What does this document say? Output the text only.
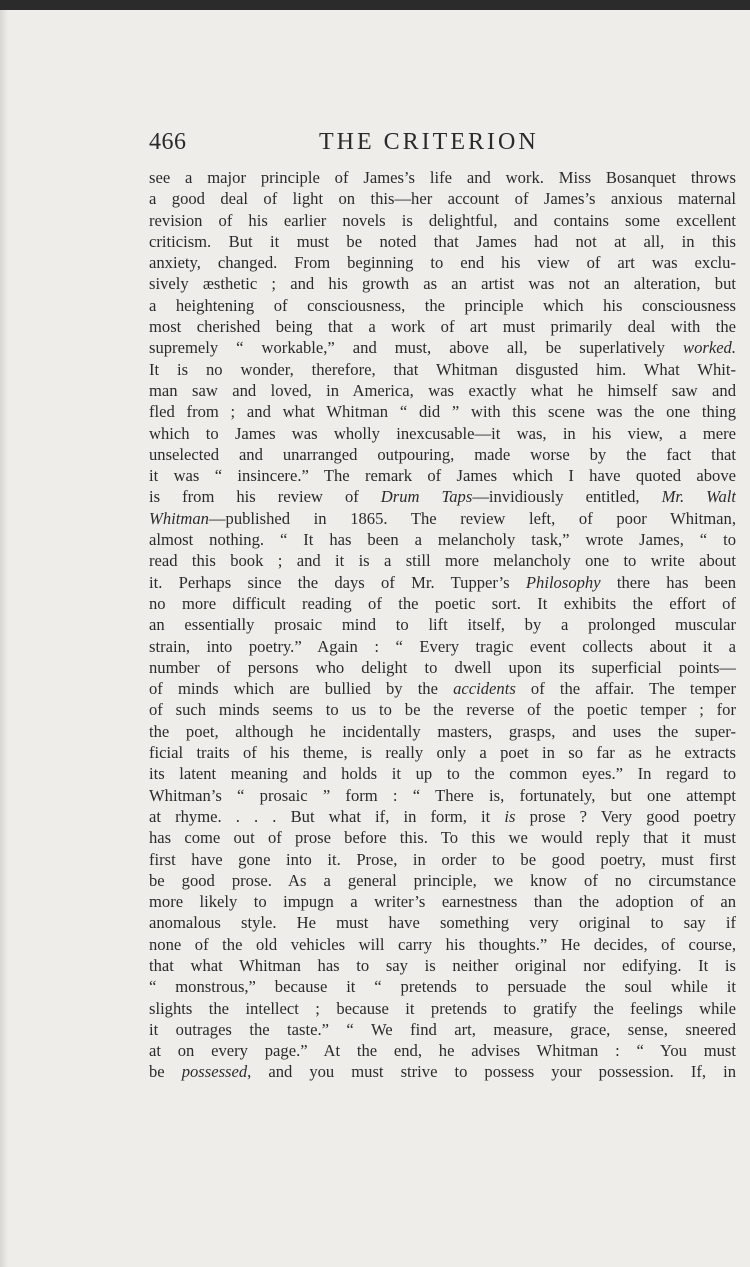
466	THE CRITERION
see a major principle of James’s life and work. Miss Bosanquet throws
a good deal of light on this—her account of James’s anxious maternal
revision of his earlier novels is delightful, and contains some excellent
criticism. But it must be noted that James had not at all, in this
anxiety, changed. From beginning to end his view of art was exclu-
sively æsthetic ; and his growth as an artist was not an alteration, but
a heightening of consciousness, the principle which his consciousness
most cherished being that a work of art must primarily deal with the
supremely “ workable,” and must, above all, be superlatively worked.
It is no wonder, therefore, that Whitman disgusted him. What Whit-
man saw and loved, in America, was exactly what he himself saw and
fled from ; and what Whitman “ did ” with this scene was the one thing
which to James was wholly inexcusable—it was, in his view, a mere
unselected and unarranged outpouring, made worse by the fact that
it was “ insincere.” The remark of James which I have quoted above
is from his review of Drum Taps—invidiously entitled, Mr. Walt
Whitman—published in 1865. The review left, of poor Whitman,
almost nothing. “ It has been a melancholy task,” wrote James, “ to
read this book ; and it is a still more melancholy one to write about
it. Perhaps since the days of Mr. Tupper’s Philosophy there has been
no more difficult reading of the poetic sort. It exhibits the effort of
an essentially prosaic mind to lift itself, by a prolonged muscular
strain, into poetry.” Again : “ Every tragic event collects about it a
number of persons who delight to dwell upon its superficial points—
of minds which are bullied by the accidents of the affair. The temper
of such minds seems to us to be the reverse of the poetic temper ; for
the poet, although he incidentally masters, grasps, and uses the super-
ficial traits of his theme, is really only a poet in so far as he extracts
its latent meaning and holds it up to the common eyes.” In regard to
Whitman’s “ prosaic ” form : “ There is, fortunately, but one attempt
at rhyme. . . . But what if, in form, it is prose ? Very good poetry
has come out of prose before this. To this we would reply that it must
first have gone into it. Prose, in order to be good poetry, must first
be good prose. As a general principle, we know of no circumstance
more likely to impugn a writer’s earnestness than the adoption of an
anomalous style. He must have something very original to say if
none of the old vehicles will carry his thoughts.” He decides, of course,
that what Whitman has to say is neither original nor edifying. It is
“ monstrous,” because it “ pretends to persuade the soul while it
slights the intellect ; because it pretends to gratify the feelings while
it outrages the taste.” “ We find art, measure, grace, sense, sneered
at on every page.” At the end, he advises Whitman : “ You must
be possessed, and you must strive to possess your possession. If, in
